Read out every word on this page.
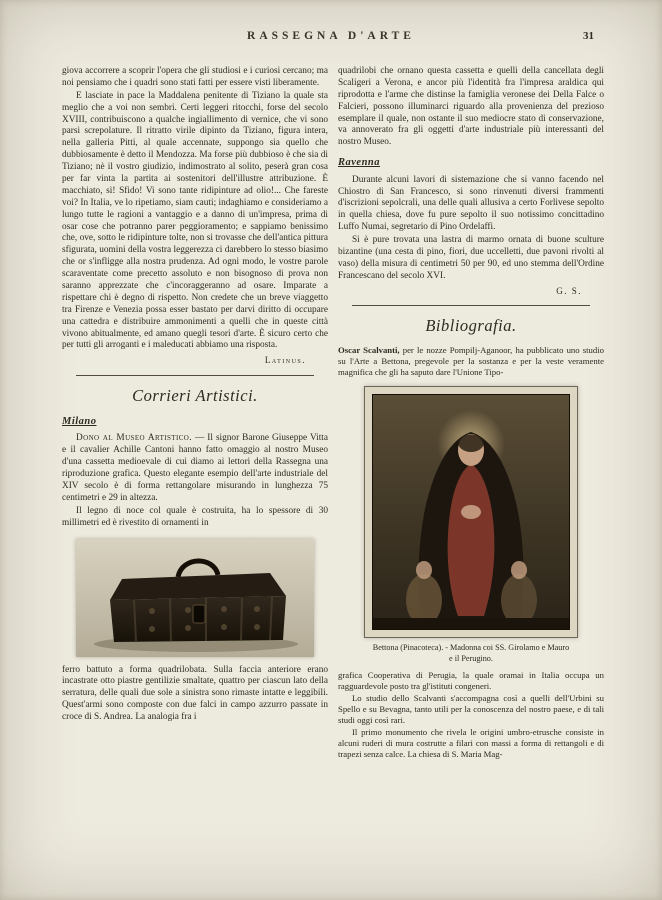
RASSEGNA D'ARTE	31

giova accorrere a scoprir l'opera che gli studiosi e i curiosi cercano; ma noi pensiamo che i quadri sono stati fatti per essere visti liberamente.

E lasciate in pace la Maddalena penitente di Tiziano la quale sta meglio che a voi non sembri. Certi leggeri ritocchi, forse del secolo XVIII, contribuiscono a qualche ingiallimento di vernice, che vi sono parsi screpolature. Il ritratto virile dipinto da Tiziano, figura intera, nella galleria Pitti, al quale accennate, suppongo sia quello che dubbiosamente è detto il Mendozza. Ma forse più dubbioso è che sia di Tiziano; nè il vostro giudizio, indimostrato al solito, peserà gran cosa per far vinta la partita ai sostenitori dell'illustre attribuzione. È macchiato, sì! Sfido! Vi sono tante ridipinture ad olio!... Che fareste voi? In Italia, ve lo ripetiamo, siam cauti; indaghiamo e consideriamo a lungo tutte le ragioni a vantaggio e a danno di un'impresa, prima di osar cose che potranno parer peggioramento; e sappiamo benissimo che, ove, sotto le ridipinture tolte, non si trovasse che dell'antica pittura sfigurata, uomini della vostra leggerezza ci darebbero lo stesso biasimo che or s'infligge alla nostra prudenza. Ad ogni modo, le vostre parole scaraventate come precetto assoluto e non bisognoso di prova non saranno apprezzate che c'incoraggeranno ad osare. Imparate a rispettare chi è degno di rispetto. Non credete che un breve viaggetto tra Firenze e Venezia possa esser bastato per darvi diritto di occupare una cattedra e distribuire ammonimenti a quelli che in queste città vivono abitualmente, ed amano quegli tesori d'arte. È sicuro certo che per tutti gli arroganti e i maleducati abbiamo una risposta.

Latinus.
Corrieri Artistici.
Milano

Dono al Museo Artistico. — Il signor Barone Giuseppe Vitta e il cavalier Achille Cantoni hanno fatto omaggio al nostro Museo d'una cassetta medioevale di cui diamo ai lettori della Rassegna una riproduzione grafica. Questo elegante esempio dell'arte industriale del XIV secolo è di forma rettangolare misurando in lunghezza 75 centimetri e 29 in altezza.

Il legno di noce col quale è costruita, ha lo spessore di 30 millimetri ed è rivestito di ornamenti in

ferro battuto a forma quadrilobata. Sulla faccia anteriore erano incastrate otto piastre gentilizie smaltate, quattro per ciascun lato della serratura, delle quali due sole a sinistra sono rimaste intatte e leggibili. Quest'armi sono composte con due falci in campo azzurro passate in croce di S. Andrea. La analogia fra i

quadrilobi che ornano questa cassetta e quelli della cancellata degli Scaligeri a Verona, e ancor più l'identità fra l'impresa araldica qui riprodotta e l'arme che distinse la famiglia veronese dei Della Falce o Falcieri, possono illuminarci riguardo alla provenienza del prezioso esemplare il quale, non ostante il suo mediocre stato di conservazione, va annoverato fra gli oggetti d'arte industriale più interessanti del nostro Museo.

Ravenna

Durante alcuni lavori di sistemazione che si vanno facendo nel Chiostro di San Francesco, si sono rinvenuti diversi frammenti d'iscrizioni sepolcrali, una delle quali allusiva a certo Forlivese sepolto in quella chiesa, dove fu pure sepolto il suo notissimo concittadino Luffo Numai, segretario di Pino Ordelaffi.

Si è pure trovata una lastra di marmo ornata di buone sculture bizantine (una cesta di pino, fiori, due uccelletti, due pavoni rivolti al vaso) della misura di centimetri 50 per 90, ed uno stemma dell'Ordine Francescano del secolo XVI.

G. S.
Bibliografia.

Oscar Scalvanti, per le nozze Pompilj-Aganoor, ha pubblicato uno studio su l'Arte a Bettona, pregevole per la sostanza e per la veste veramente magnifica che gli ha saputo dare l'Unione Tipo-

Bettona (Pinacoteca). - Madonna coi SS. Girolamo e Mauro
e il Perugino.

grafica Cooperativa di Perugia, la quale oramai in Italia occupa un ragguardevole posto tra gl'istituti congeneri.

Lo studio dello Scalvanti s'accompagna così a quelli dell'Urbini su Spello e su Bevagna, tanto utili per la conoscenza del nostro paese, e di tali studi oggi così rari.

Il primo monumento che rivela le origini umbro-etrusche consiste in alcuni ruderi di mura costrutte a filari con massi a forma di rettangoli e di trapezi senza calce. La chiesa di S. Maria Mag-
